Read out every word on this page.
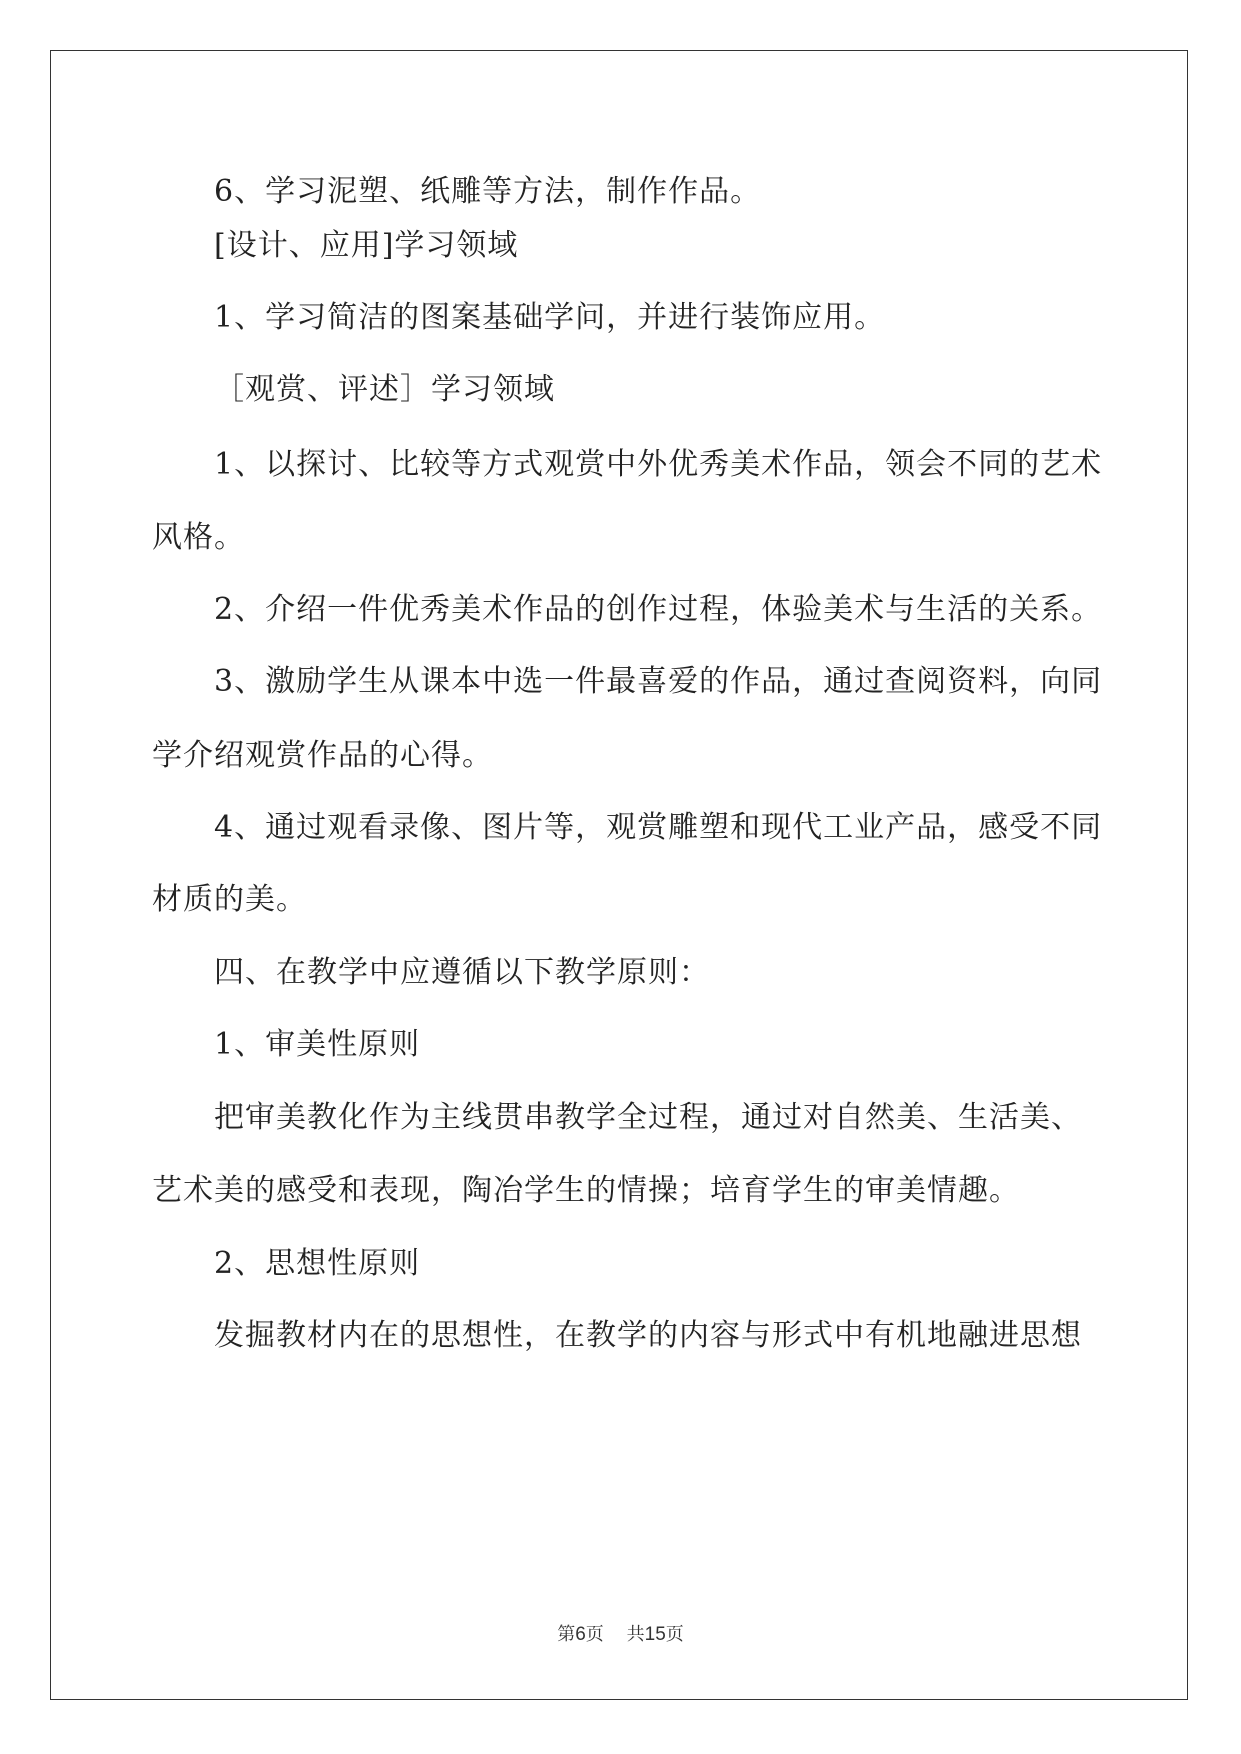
6、学习泥塑、纸雕等方法，制作作品。
[设计、应用]学习领域
1、学习简洁的图案基础学问，并进行装饰应用。
［观赏、评述］学习领域
1、以探讨、比较等方式观赏中外优秀美术作品，领会不同的艺术
风格。
2、介绍一件优秀美术作品的创作过程，体验美术与生活的关系。
3、激励学生从课本中选一件最喜爱的作品，通过查阅资料，向同
学介绍观赏作品的心得。
4、通过观看录像、图片等，观赏雕塑和现代工业产品，感受不同
材质的美。
四、在教学中应遵循以下教学原则：
1、审美性原则
把审美教化作为主线贯串教学全过程，通过对自然美、生活美、
艺术美的感受和表现，陶冶学生的情操；培育学生的审美情趣。
2、思想性原则
发掘教材内在的思想性，在教学的内容与形式中有机地融进思想
第6页 共15页
